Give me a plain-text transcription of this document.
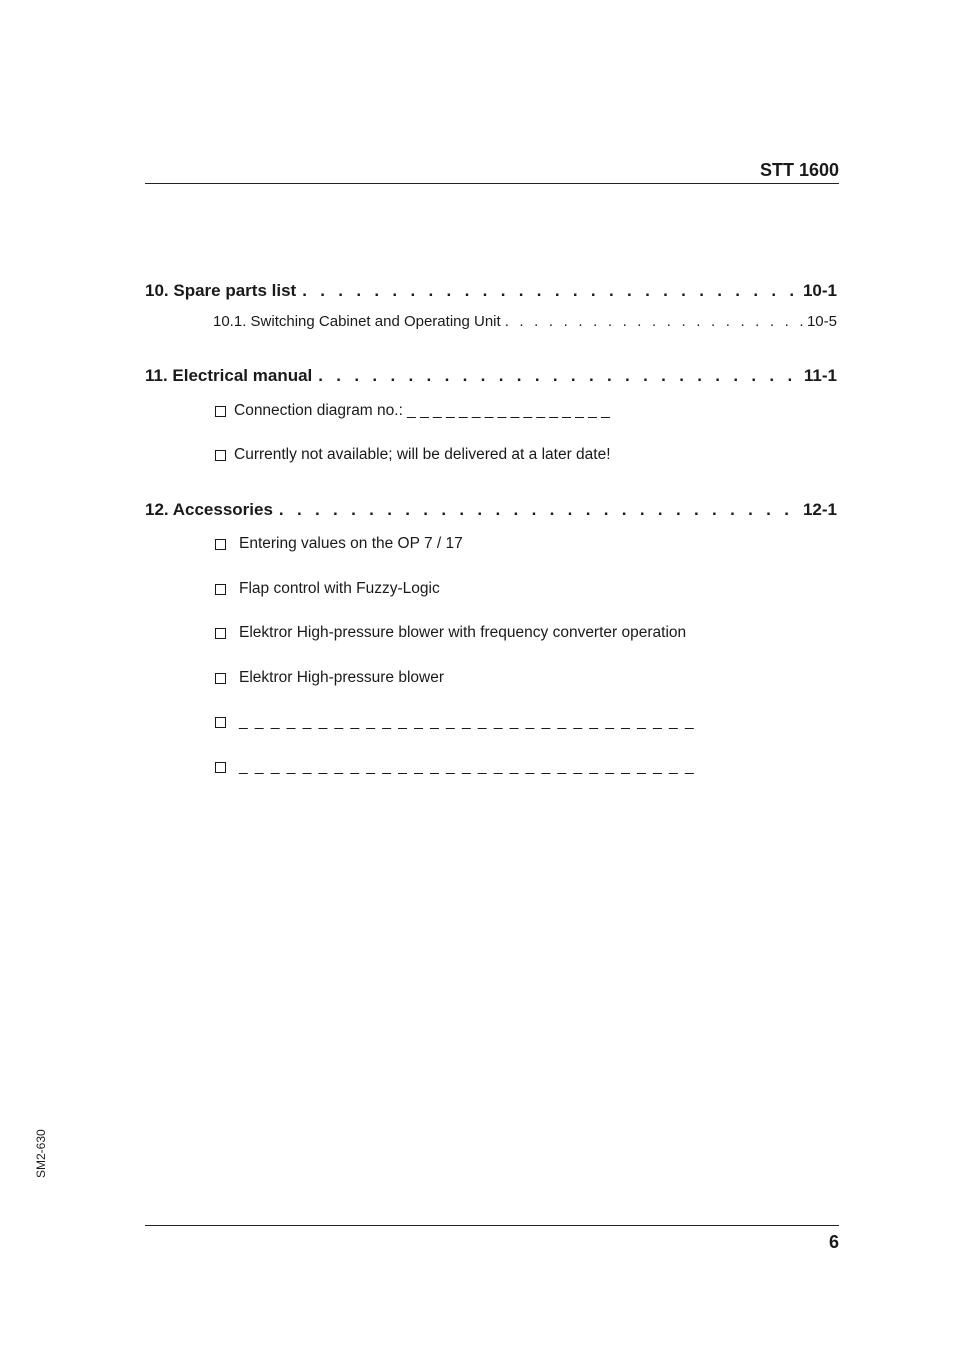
STT 1600
10. Spare parts list . . .	10-1
10.1. Switching Cabinet and Operating Unit . . .	10-5
11. Electrical manual . . .	11-1
Connection diagram no.: _ _ _ _ _ _ _ _ _ _ _ _ _ _ _ _
Currently not available; will be delivered at a later date!
12. Accessories . . .	12-1
Entering values on the OP 7 / 17
Flap control with Fuzzy-Logic
Elektror High-pressure blower with frequency converter operation
Elektror High-pressure blower
_ _ _ _ _ _ _ _ _ _ _ _ _ _ _ _ _ _ _ _ _ _ _ _ _ _ _ _ _
_ _ _ _ _ _ _ _ _ _ _ _ _ _ _ _ _ _ _ _ _ _ _ _ _ _ _ _ _
SM2-630
6
